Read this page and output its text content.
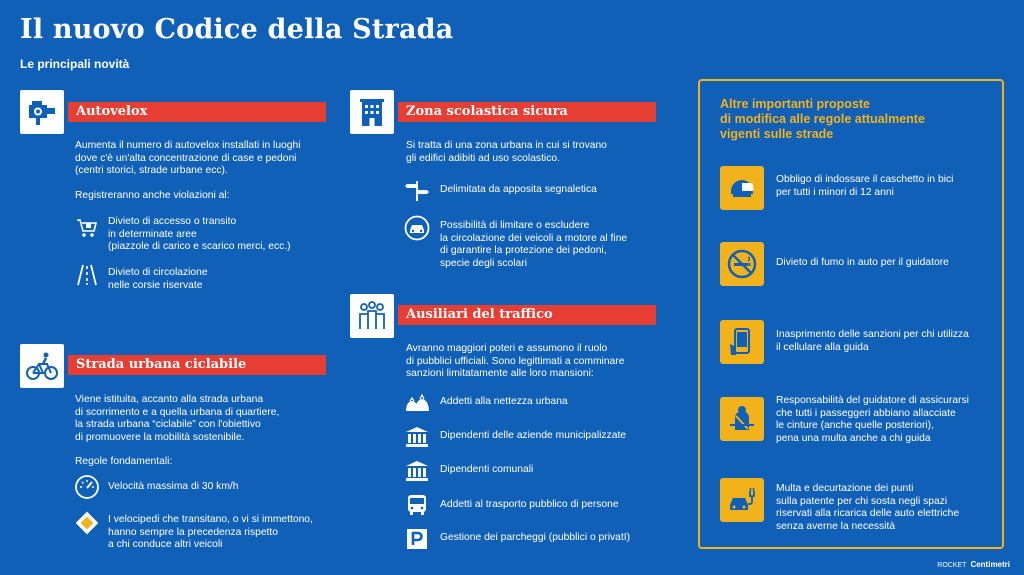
Il nuovo Codice della Strada
Le principali novità
Autovelox
Aumenta il numero di autovelox installati in luoghi
dove c'è un'alta concentrazione di case e pedoni
(centri storici, strade urbane ecc).
Registreranno anche violazioni al:
Divieto di accesso o transito
in determinate aree
(piazzole di carico e scarico merci, ecc.)
Divieto di circolazione
nelle corsie riservate
Strada urbana ciclabile
Viene istituita, accanto alla strada urbana
di scorrimento e a quella urbana di quartiere,
la strada urbana “ciclabile” con l'obiettivo
di promuovere la mobilità sostenibile.
Regole fondamentali:
Velocità massima di 30 km/h
I velocipedi che transitano, o vi si immettono,
hanno sempre la precedenza rispetto
a chi conduce altri veicoli
Zona scolastica sicura
Si tratta di una zona urbana in cui si trovano
gli edifici adibiti ad uso scolastico.
Delimitata da apposita segnaletica
Possibilità di limitare o escludere
la circolazione dei veicoli a motore al fine
di garantire la protezione dei pedoni,
specie degli scolari
Ausiliari del traffico
Avranno maggiori poteri e assumono il ruolo
di pubblici ufficiali. Sono legittimati a comminare
sanzioni limitatamente alle loro mansioni:
Addetti alla nettezza urbana
Dipendenti delle aziende municipalizzate
Dipendenti comunali
Addetti al trasporto pubblico di persone
Gestione dei parcheggi (pubblici o privatI)
Altre importanti proposte
di modifica alle regole attualmente
vigenti sulle strade
Obbligo di indossare il caschetto in bici
per tutti i minori di 12 anni
Divieto di fumo in auto per il guidatore
Inasprimento delle sanzioni per chi utilizza
il cellulare alla guida
Responsabilità del guidatore di assicurarsi
che tutti i passeggeri abbiano allacciate
le cinture (anche quelle posteriori),
pena una multa anche a chi guida
Multa e decurtazione dei punti
sulla patente per chi sosta negli spazi
riservati alla ricarica delle auto elettriche
senza averne la necessità
ROCKET Centimetri
